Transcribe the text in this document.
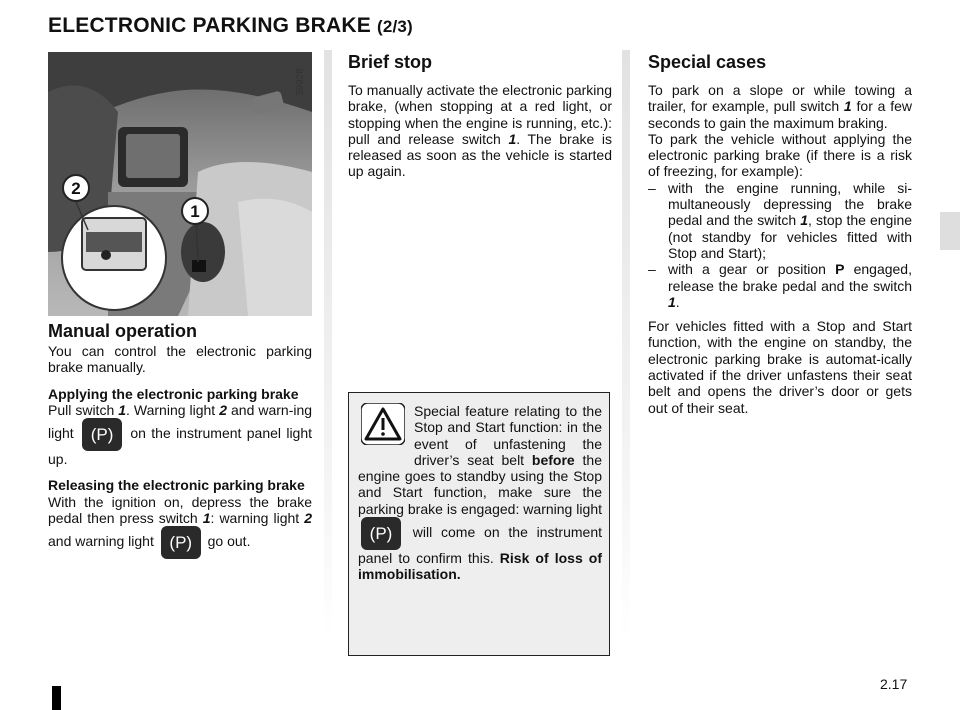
ELECTRONIC PARKING BRAKE (2/3)
2
1
39928

Manual operation

You can control the electronic parking brake manually.

Applying the electronic parking brake

Pull switch 1. Warning light 2 and warn-ing light (P) on the instrument panel light up.

Releasing the electronic parking brake

With the ignition on, depress the brake pedal then press switch 1: warning light 2 and warning light (P) go out.

Brief stop

To manually activate the electronic parking brake, (when stopping at a red light, or stopping when the engine is running, etc.): pull and release switch 1. The brake is released as soon as the vehicle is started up again.

Special feature relating to the Stop and Start function: in the event of unfastening the driver’s seat belt before the engine goes to standby using the Stop and Start function, make sure the parking brake is engaged: warning light (P) will come on the instrument panel to confirm this. Risk of loss of immobilisation.

Special cases

To park on a slope or while towing a trailer, for example, pull switch 1 for a few seconds to gain the maximum braking.

To park the vehicle without applying the electronic parking brake (if there is a risk of freezing, for example):

– with the engine running, while si-multaneously depressing the brake pedal and the switch 1, stop the engine (not standby for vehicles fitted with Stop and Start);
– with a gear or position P engaged, release the brake pedal and the switch 1.

For vehicles fitted with a Stop and Start function, with the engine on standby, the electronic parking brake is automat-ically activated if the driver unfastens their seat belt and opens the driver’s door or gets out of their seat.

2.17
